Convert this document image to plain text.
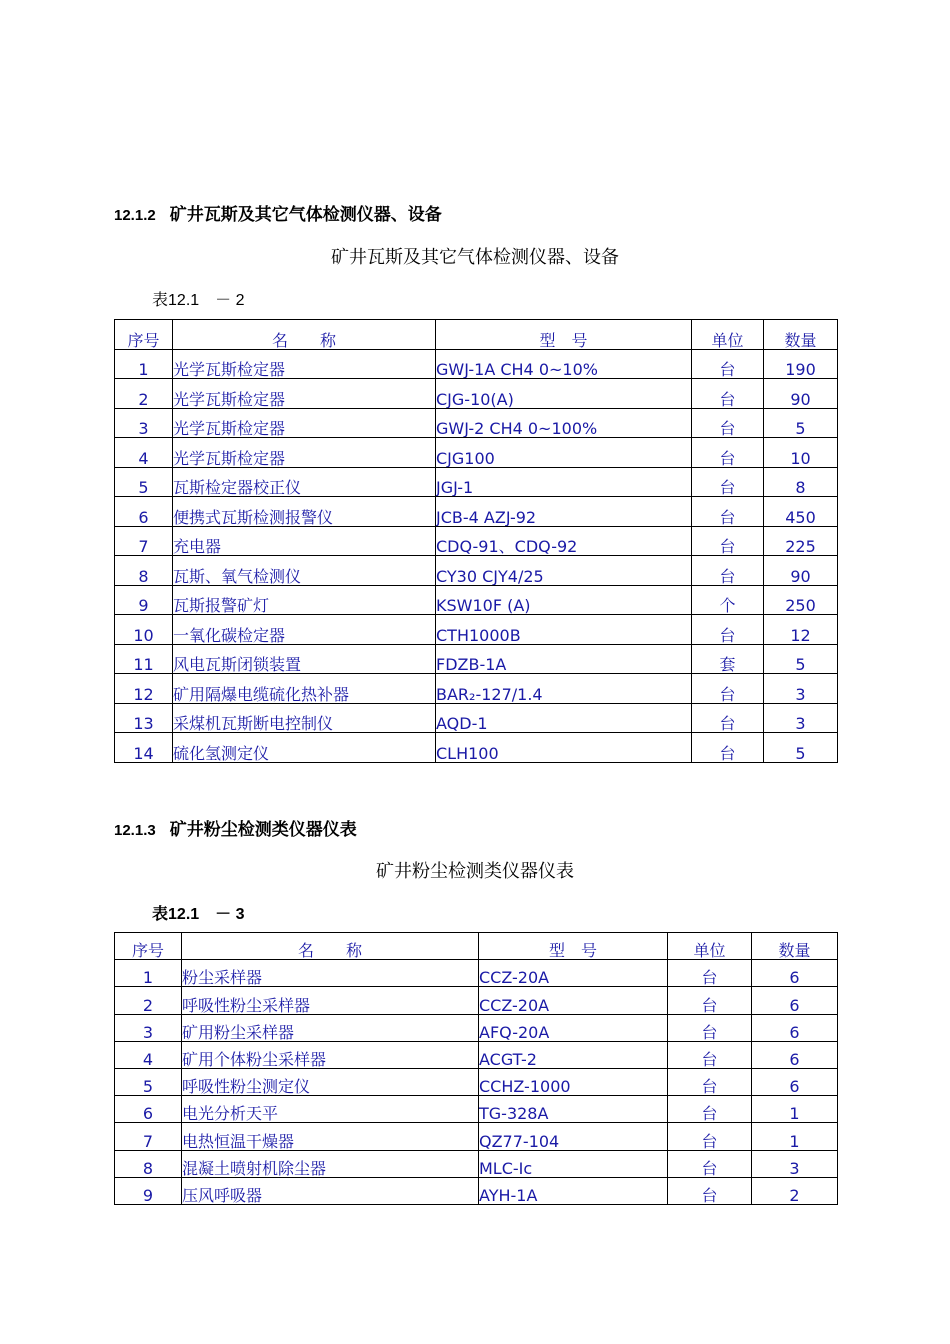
12.1.2 矿井瓦斯及其它气体检测仪器、设备
矿井瓦斯及其它气体检测仪器、设备
表12.1　－ 2
序号	名　　称	型　号	单位	数量
1	光学瓦斯检定器	GWJ-1A CH4 0~10%	台	190
2	光学瓦斯检定器	CJG-10(A)	台	90
3	光学瓦斯检定器	GWJ-2 CH4 0~100%	台	5
4	光学瓦斯检定器	CJG100	台	10
5	瓦斯检定器校正仪	JGJ-1	台	8
6	便携式瓦斯检测报警仪	JCB-4 AZJ-92	台	450
7	充电器	CDQ-91、CDQ-92	台	225
8	瓦斯、氧气检测仪	CY30 CJY4/25	台	90
9	瓦斯报警矿灯	KSW10F (A)	个	250
10	一氧化碳检定器	CTH1000B	台	12
11	风电瓦斯闭锁装置	FDZB-1A	套	5
12	矿用隔爆电缆硫化热补器	BAR₂-127/1.4	台	3
13	采煤机瓦斯断电控制仪	AQD-1	台	3
14	硫化氢测定仪	CLH100	台	5
12.1.3 矿井粉尘检测类仪器仪表
矿井粉尘检测类仪器仪表
表12.1　－ 3
序号	名　　称	型　号	单位	数量
1	粉尘采样器	CCZ-20A	台	6
2	呼吸性粉尘采样器	CCZ-20A	台	6
3	矿用粉尘采样器	AFQ-20A	台	6
4	矿用个体粉尘采样器	ACGT-2	台	6
5	呼吸性粉尘测定仪	CCHZ-1000	台	6
6	电光分析天平	TG-328A	台	1
7	电热恒温干燥器	QZ77-104	台	1
8	混凝土喷射机除尘器	MLC-Ic	台	3
9	压风呼吸器	AYH-1A	台	2
